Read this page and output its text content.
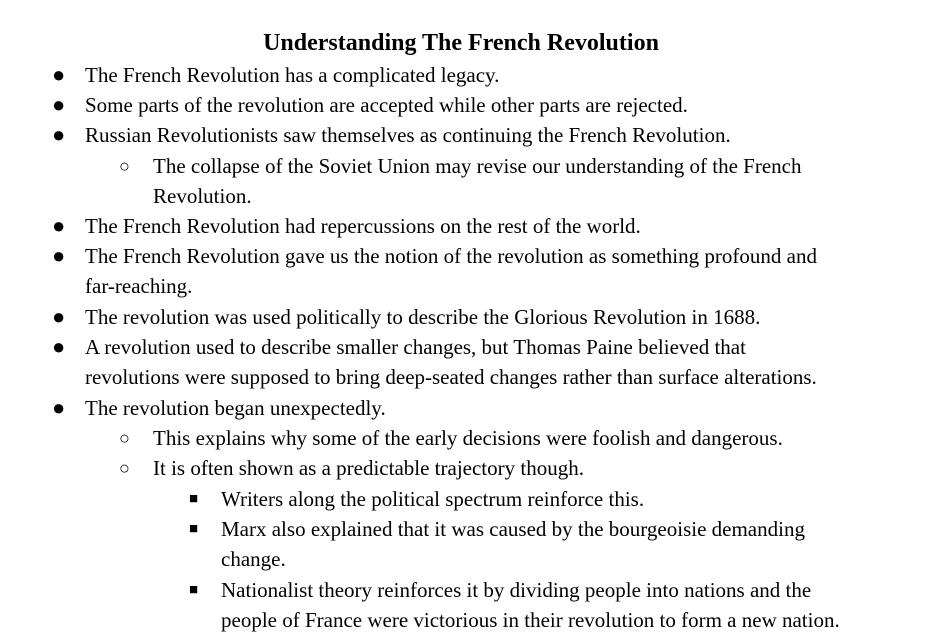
Understanding The French Revolution
● The French Revolution has a complicated legacy.
● Some parts of the revolution are accepted while other parts are rejected.
● Russian Revolutionists saw themselves as continuing the French Revolution.
○ The collapse of the Soviet Union may revise our understanding of the French
Revolution.
● The French Revolution had repercussions on the rest of the world.
● The French Revolution gave us the notion of the revolution as something profound and
far-reaching.
● The revolution was used politically to describe the Glorious Revolution in 1688.
● A revolution used to describe smaller changes, but Thomas Paine believed that
revolutions were supposed to bring deep-seated changes rather than surface alterations.
● The revolution began unexpectedly.
○ This explains why some of the early decisions were foolish and dangerous.
○ It is often shown as a predictable trajectory though.
■ Writers along the political spectrum reinforce this.
■ Marx also explained that it was caused by the bourgeoisie demanding
change.
■ Nationalist theory reinforces it by dividing people into nations and the
people of France were victorious in their revolution to form a new nation.
